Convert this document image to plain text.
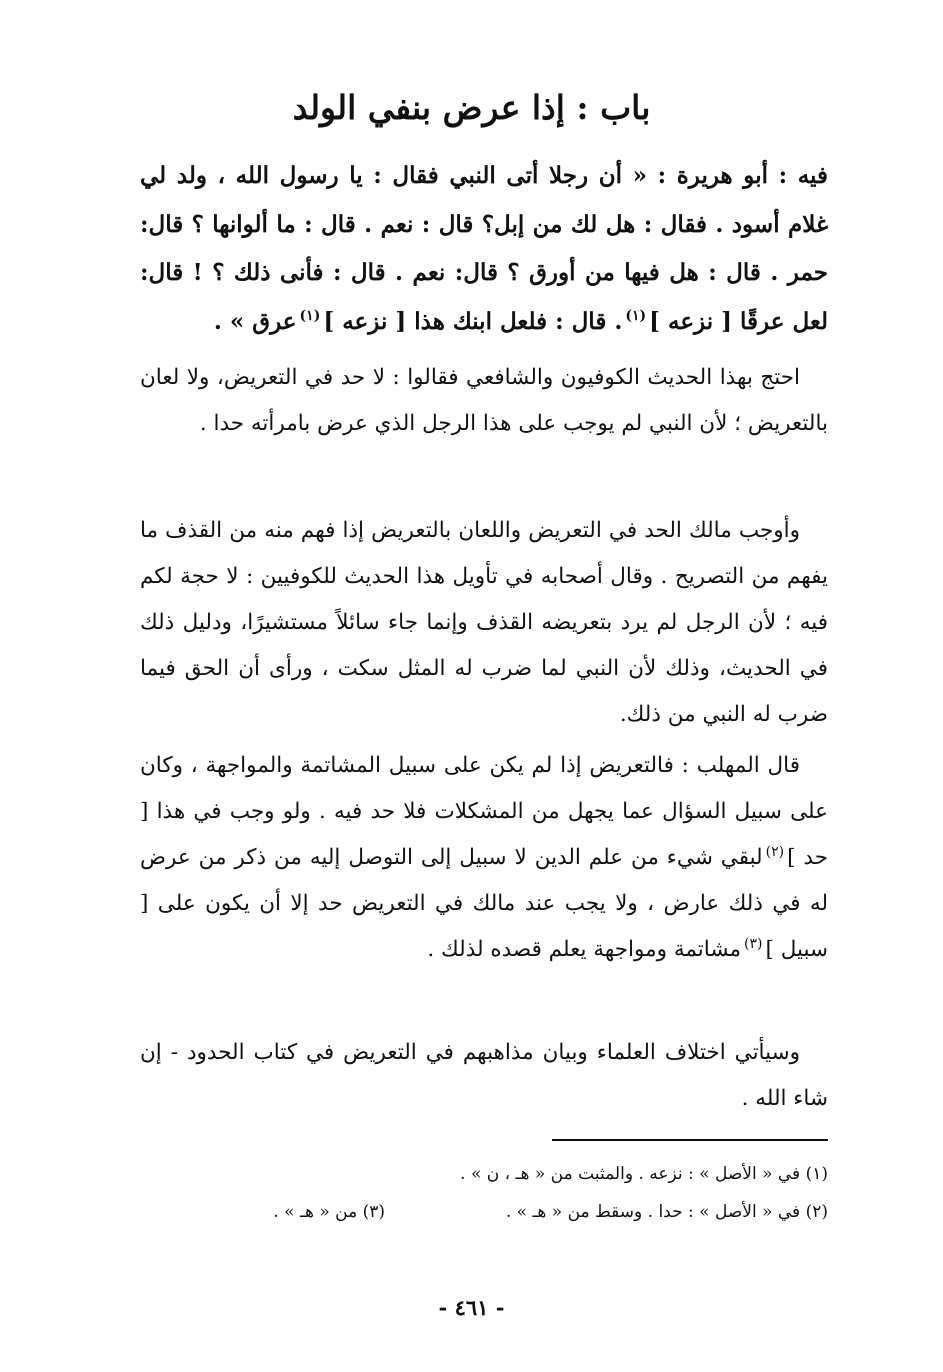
باب : إذا عرض بنفي الولد
فيه : أبو هريرة : « أن رجلا أتى النبي فقال : يا رسول الله ، ولد لي غلام أسود . فقال : هل لك من إبل؟ قال : نعم . قال : ما ألوانها ؟ قال: حمر . قال : هل فيها من أورق ؟ قال: نعم . قال : فأنى ذلك ؟ ! قال: لعل عرقًا [ نزعه ]$^{(١)}$. قال : فلعل ابنك هذا [ نزعه ]$^{(١)}$عرق » .
احتج بهذا الحديث الكوفيون والشافعي فقالوا : لا حد في التعريض، ولا لعان بالتعريض ؛ لأن النبي لم يوجب على هذا الرجل الذي عرض بامرأته حدا .
وأوجب مالك الحد في التعريض واللعان بالتعريض إذا فهم منه من القذف ما يفهم من التصريح . وقال أصحابه في تأويل هذا الحديث للكوفيين : لا حجة لكم فيه ؛ لأن الرجل لم يرد بتعريضه القذف وإنما جاء سائلاً مستشيرًا، ودليل ذلك في الحديث، وذلك لأن النبي لما ضرب له المثل سكت ، ورأى أن الحق فيما ضرب له النبي من ذلك.
قال المهلب : فالتعريض إذا لم يكن على سبيل المشاتمة والمواجهة ، وكان على سبيل السؤال عما يجهل من المشكلات فلا حد فيه . ولو وجب في هذا [ حد ]$^{(٢)}$لبقي شيء من علم الدين لا سبيل إلى التوصل إليه من ذكر من عرض له في ذلك عارض ، ولا يجب عند مالك في التعريض حد إلا أن يكون على [ سبيل ]$^{(٣)}$مشاتمة ومواجهة يعلم قصده لذلك .
وسيأتي اختلاف العلماء وبيان مذاهبهم في التعريض في كتاب الحدود - إن شاء الله .
(١) في « الأصل » : نزعه . والمثبت من « هـ ، ن » .
(٢) في « الأصل » : حدا . وسقط من « هـ » .
(٣) من « هـ » .
- ٤٦١ -
